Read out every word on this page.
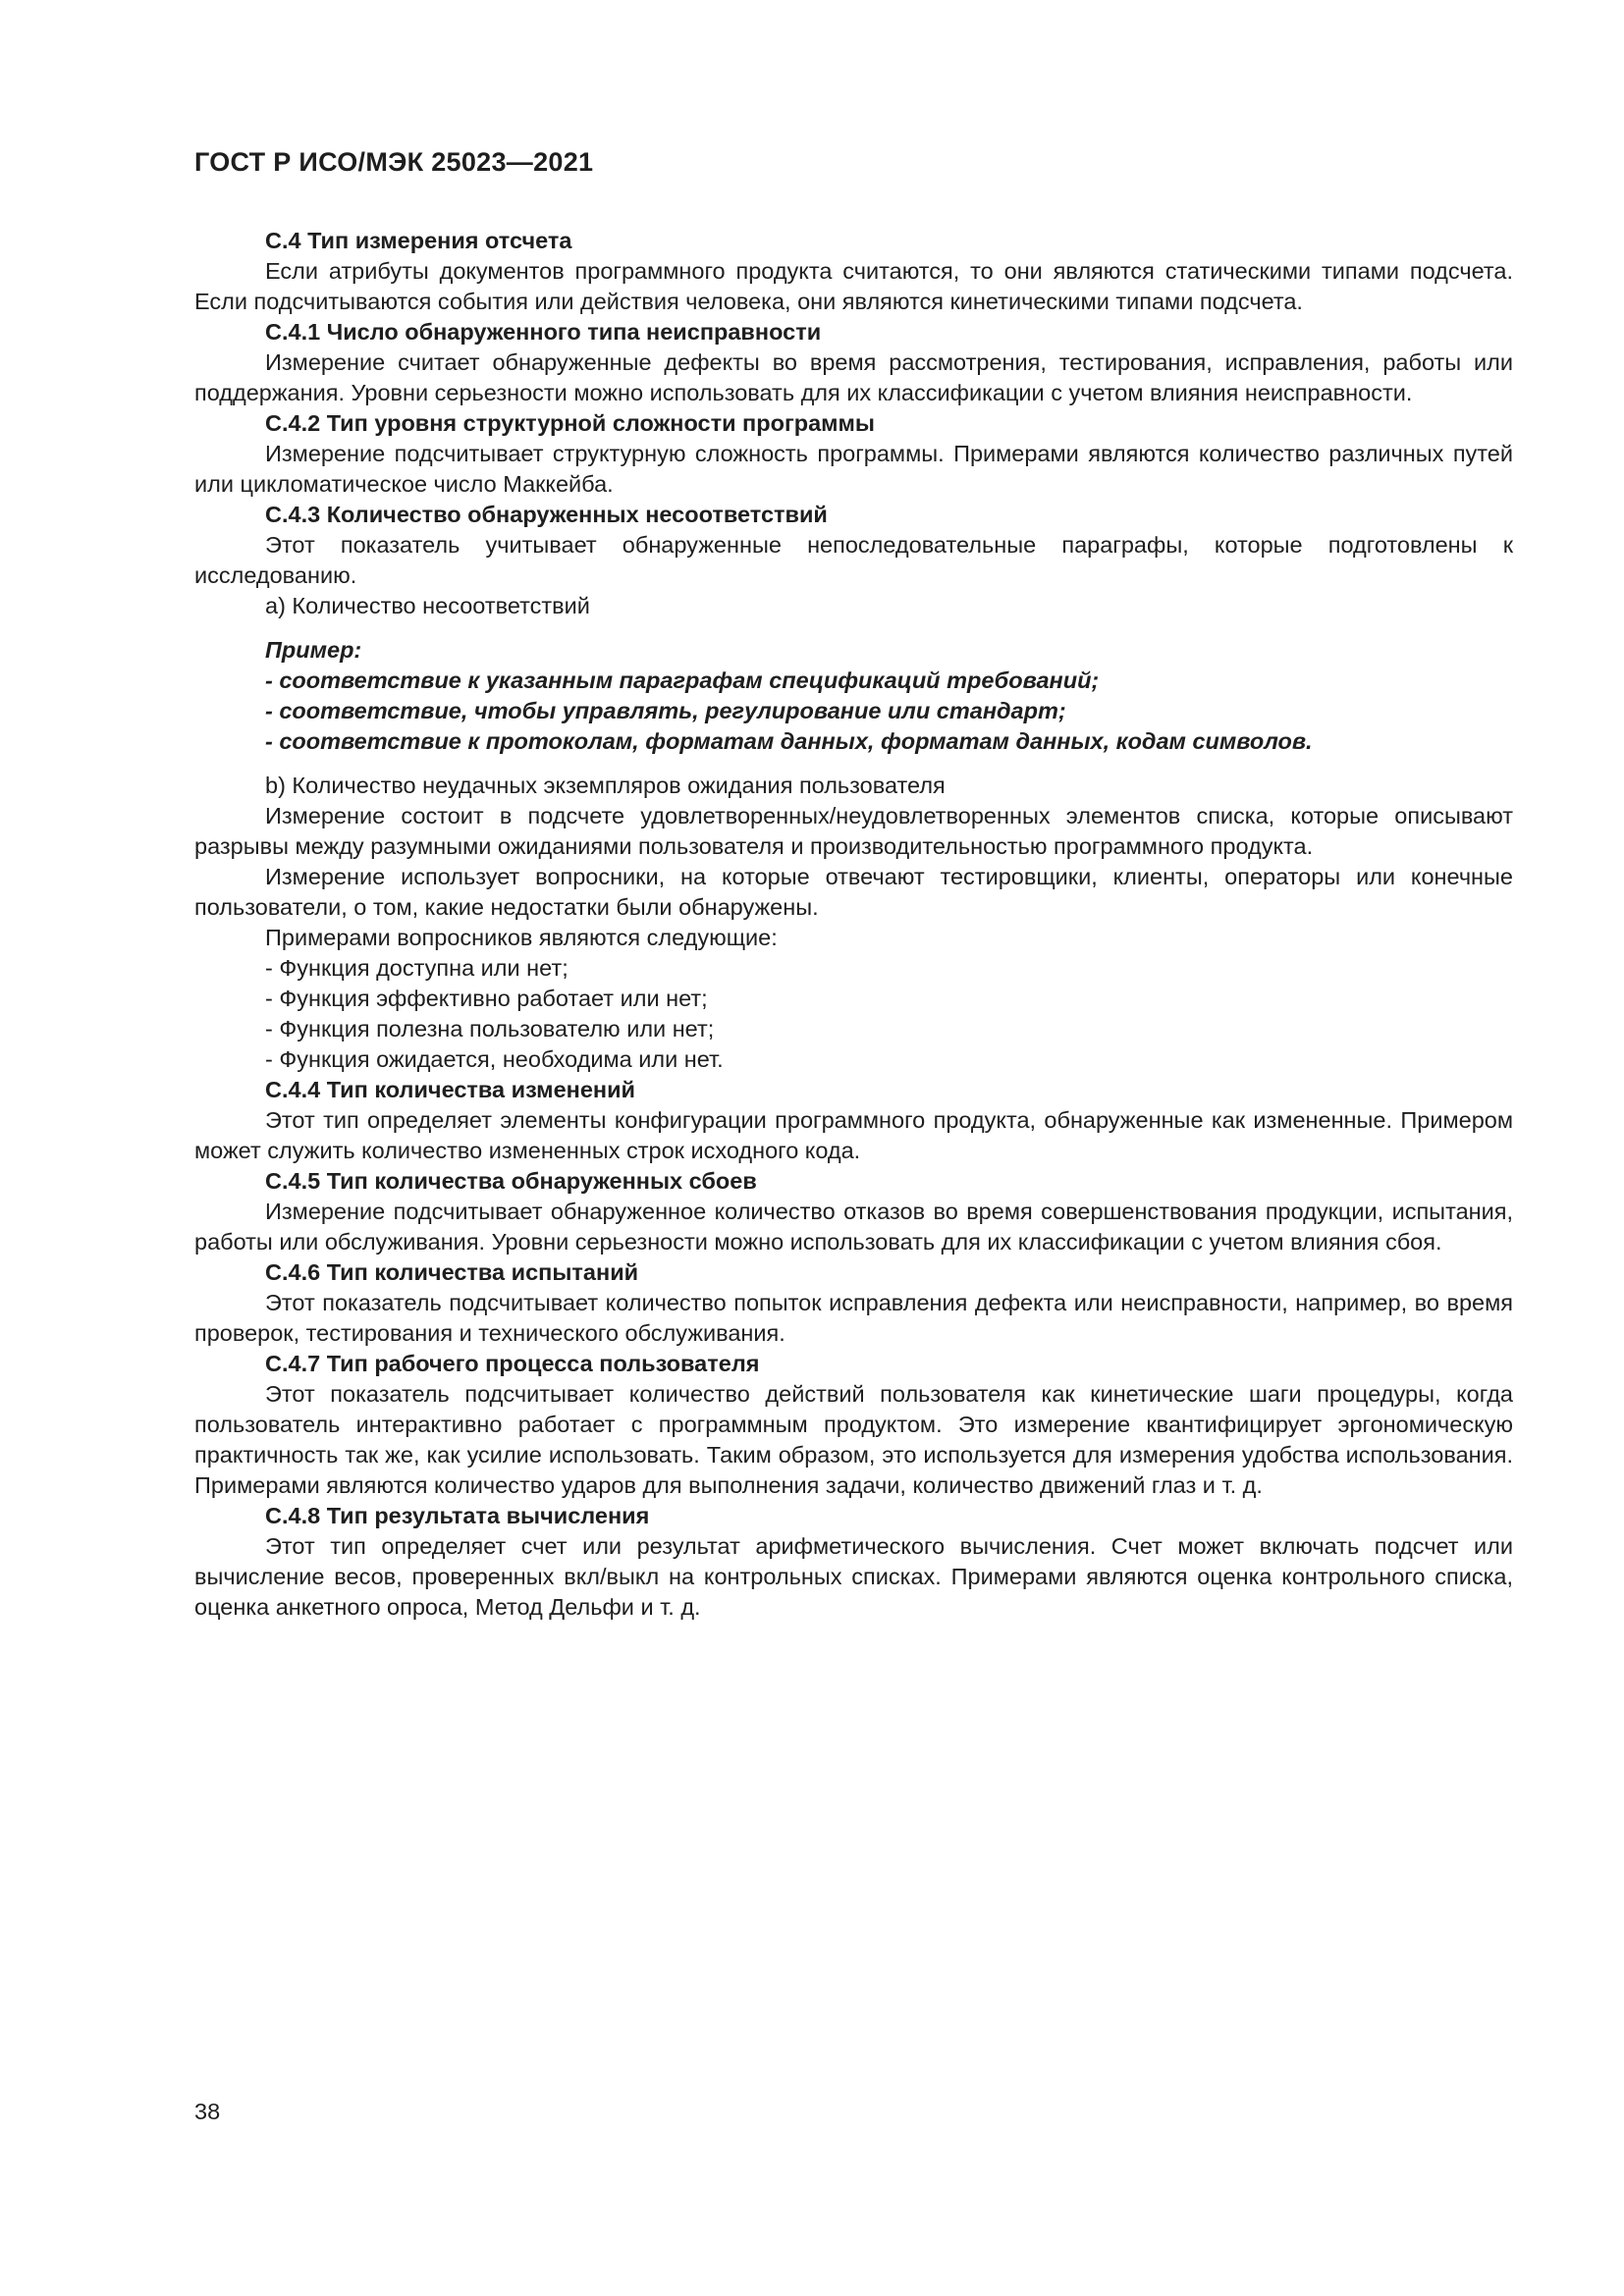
ГОСТ Р ИСО/МЭК 25023—2021
С.4 Тип измерения отсчета

Если атрибуты документов программного продукта считаются, то они являются статическими типами подсчета. Если подсчитываются события или действия человека, они являются кинетическими типами подсчета.

С.4.1 Число обнаруженного типа неисправности

Измерение считает обнаруженные дефекты во время рассмотрения, тестирования, исправления, работы или поддержания. Уровни серьезности можно использовать для их классификации с учетом влияния неисправности.

С.4.2 Тип уровня структурной сложности программы

Измерение подсчитывает структурную сложность программы. Примерами являются количество различных путей или цикломатическое число Маккейба.

С.4.3 Количество обнаруженных несоответствий

Этот показатель учитывает обнаруженные непоследовательные параграфы, которые подготовлены к исследованию.

a) Количество несоответствий
Пример:
- соответствие к указанным параграфам спецификаций требований;
- соответствие, чтобы управлять, регулирование или стандарт;
- соответствие к протоколам, форматам данных, форматам данных, кодам символов.
b) Количество неудачных экземпляров ожидания пользователя

Измерение состоит в подсчете удовлетворенных/неудовлетворенных элементов списка, которые описывают разрывы между разумными ожиданиями пользователя и производительностью программного продукта.

Измерение использует вопросники, на которые отвечают тестировщики, клиенты, операторы или конечные пользователи, о том, какие недостатки были обнаружены.

Примерами вопросников являются следующие:
- Функция доступна или нет;
- Функция эффективно работает или нет;
- Функция полезна пользователю или нет;
- Функция ожидается, необходима или нет.
С.4.4 Тип количества изменений

Этот тип определяет элементы конфигурации программного продукта, обнаруженные как измененные. Примером может служить количество измененных строк исходного кода.

С.4.5 Тип количества обнаруженных сбоев

Измерение подсчитывает обнаруженное количество отказов во время совершенствования продукции, испытания, работы или обслуживания. Уровни серьезности можно использовать для их классификации с учетом влияния сбоя.

С.4.6 Тип количества испытаний

Этот показатель подсчитывает количество попыток исправления дефекта или неисправности, например, во время проверок, тестирования и технического обслуживания.

С.4.7 Тип рабочего процесса пользователя

Этот показатель подсчитывает количество действий пользователя как кинетические шаги процедуры, когда пользователь интерактивно работает с программным продуктом. Это измерение квантифицирует эргономическую практичность так же, как усилие использовать. Таким образом, это используется для измерения удобства использования. Примерами являются количество ударов для выполнения задачи, количество движений глаз и т. д.

С.4.8 Тип результата вычисления

Этот тип определяет счет или результат арифметического вычисления. Счет может включать подсчет или вычисление весов, проверенных вкл/выкл на контрольных списках. Примерами являются оценка контрольного списка, оценка анкетного опроса, Метод Дельфи и т. д.

38
